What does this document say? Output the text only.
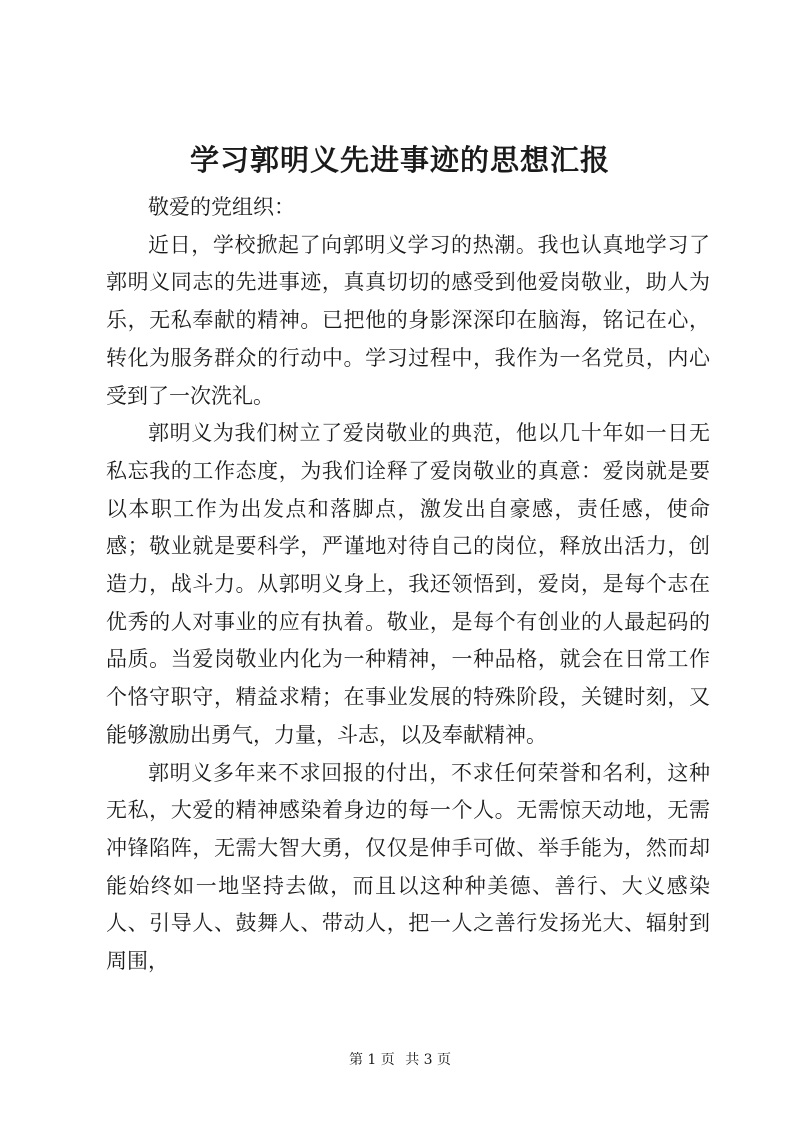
学习郭明义先进事迹的思想汇报

敬爱的党组织：

近日，学校掀起了向郭明义学习的热潮。我也认真地学习了郭明义同志的先进事迹，真真切切的感受到他爱岗敬业，助人为乐，无私奉献的精神。已把他的身影深深印在脑海，铭记在心，转化为服务群众的行动中。学习过程中，我作为一名党员，内心受到了一次洗礼。

郭明义为我们树立了爱岗敬业的典范，他以几十年如一日无私忘我的工作态度，为我们诠释了爱岗敬业的真意：爱岗就是要以本职工作为出发点和落脚点，激发出自豪感，责任感，使命感；敬业就是要科学，严谨地对待自己的岗位，释放出活力，创造力，战斗力。从郭明义身上，我还领悟到，爱岗，是每个志在优秀的人对事业的应有执着。敬业，是每个有创业的人最起码的品质。当爱岗敬业内化为一种精神，一种品格，就会在日常工作个恪守职守，精益求精；在事业发展的特殊阶段，关键时刻，又能够激励出勇气，力量，斗志，以及奉献精神。

郭明义多年来不求回报的付出，不求任何荣誉和名利，这种无私，大爱的精神感染着身边的每一个人。无需惊天动地，无需冲锋陷阵，无需大智大勇，仅仅是伸手可做、举手能为，然而却能始终如一地坚持去做，而且以这种种美德、善行、大义感染人、引导人、鼓舞人、带动人，把一人之善行发扬光大、辐射到周围，

第 1 页 共 3 页
